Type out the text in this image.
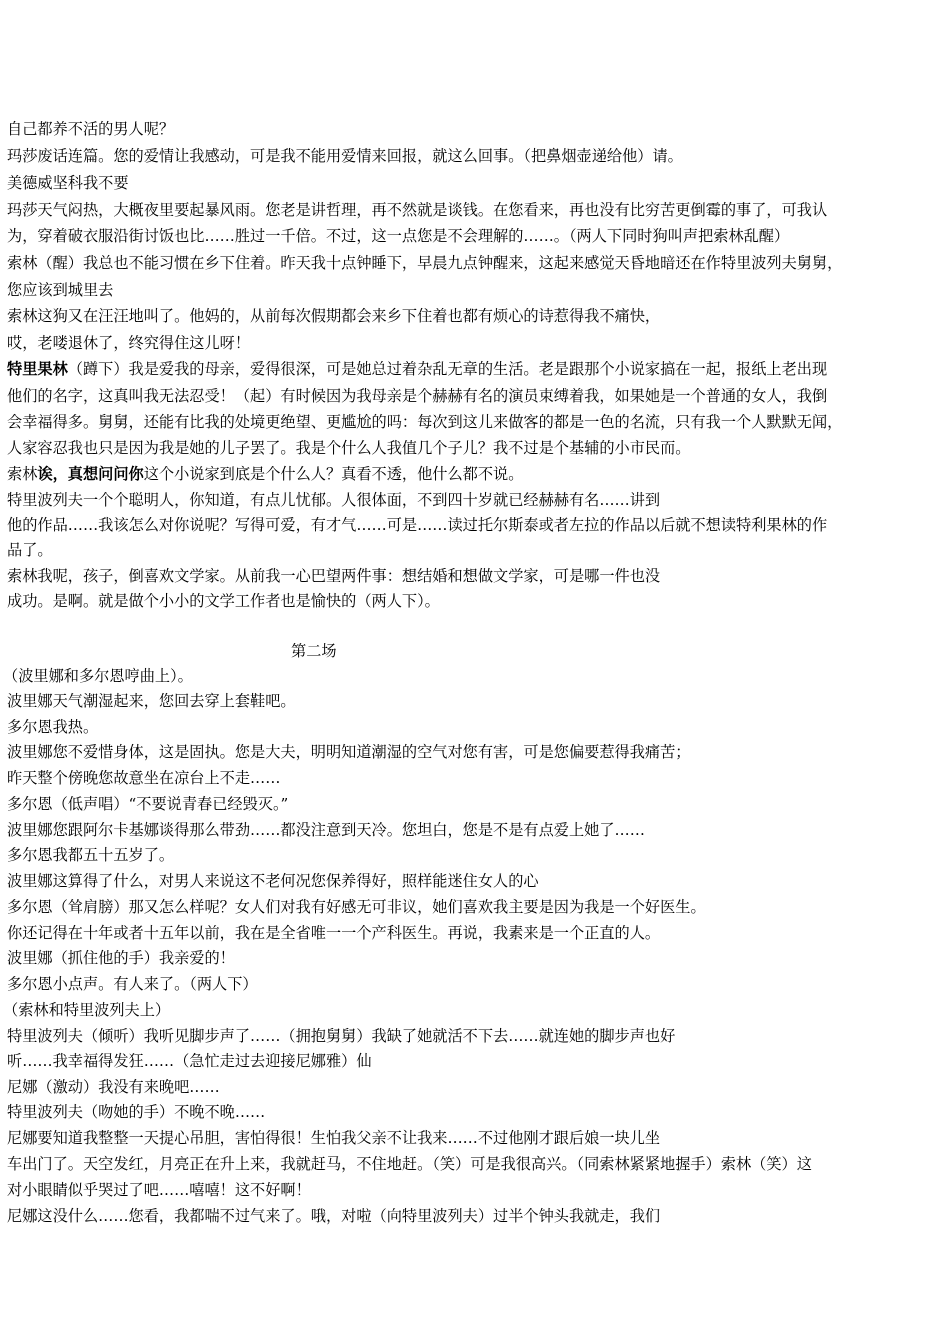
自己都养不活的男人呢？
玛莎废话连篇。您的爱情让我感动，可是我不能用爱情来回报，就这么回事。（把鼻烟壶递给他）请。
美德威坚科我不要
玛莎天气闷热，大概夜里要起暴风雨。您老是讲哲理，再不然就是谈钱。在您看来，再也没有比穷苦更倒霉的事了，可我认
为，穿着破衣服沿街讨饭也比……胜过一千倍。不过，这一点您是不会理解的……。（两人下同时狗叫声把索林乱醒）
索林（醒）我总也不能习惯在乡下住着。昨天我十点钟睡下，早晨九点钟醒来，这起来感觉天昏地暗还在作特里波列夫舅舅，
您应该到城里去
索林这狗又在汪汪地叫了。他妈的，从前每次假期都会来乡下住着也都有烦心的诗惹得我不痛快，
哎，老喽退休了，终究得住这儿呀！
特里果林（蹲下）我是爱我的母亲，爱得很深，可是她总过着杂乱无章的生活。老是跟那个小说家搞在一起，报纸上老出现
他们的名字，这真叫我无法忍受！（起）有时候因为我母亲是个赫赫有名的演员束缚着我，如果她是一个普通的女人，我倒
会幸福得多。舅舅，还能有比我的处境更绝望、更尴尬的吗：每次到这儿来做客的都是一色的名流，只有我一个人默默无闻，
人家容忍我也只是因为我是她的儿子罢了。我是个什么人我值几个子儿？我不过是个基辅的小市民而。
索林诶，真想问问你这个小说家到底是个什么人？真看不透，他什么都不说。
特里波列夫一个个聪明人，你知道，有点儿忧郁。人很体面，不到四十岁就已经赫赫有名……讲到
他的作品……我该怎么对你说呢？写得可爱，有才气……可是……读过托尔斯泰或者左拉的作品以后就不想读特利果林的作
品了。
索林我呢，孩子，倒喜欢文学家。从前我一心巴望两件事：想结婚和想做文学家，可是哪一件也没
成功。是啊。就是做个小小的文学工作者也是愉快的（两人下）。
第二场
（波里娜和多尔恩哼曲上）。
波里娜天气潮湿起来，您回去穿上套鞋吧。
多尔恩我热。
波里娜您不爱惜身体，这是固执。您是大夫，明明知道潮湿的空气对您有害，可是您偏要惹得我痛苦；
昨天整个傍晚您故意坐在凉台上不走……
多尔恩（低声唱）“不要说青春已经毁灭。”
波里娜您跟阿尔卡基娜谈得那么带劲……都没注意到天冷。您坦白，您是不是有点爱上她了……
多尔恩我都五十五岁了。
波里娜这算得了什么，对男人来说这不老何况您保养得好，照样能迷住女人的心
多尔恩（耸肩膀）那又怎么样呢？女人们对我有好感无可非议，她们喜欢我主要是因为我是一个好医生。
你还记得在十年或者十五年以前，我在是全省唯一一个产科医生。再说，我素来是一个正直的人。
波里娜（抓住他的手）我亲爱的！
多尔恩小点声。有人来了。（两人下）
（索林和特里波列夫上）
特里波列夫（倾听）我听见脚步声了……（拥抱舅舅）我缺了她就活不下去……就连她的脚步声也好
听……我幸福得发狂……（急忙走过去迎接尼娜雅）仙
尼娜（激动）我没有来晚吧……
特里波列夫（吻她的手）不晚不晚……
尼娜要知道我整整一天提心吊胆，害怕得很！生怕我父亲不让我来……不过他刚才跟后娘一块儿坐
车出门了。天空发红，月亮正在升上来，我就赶马，不住地赶。（笑）可是我很高兴。（同索林紧紧地握手）索林（笑）这
对小眼睛似乎哭过了吧……嘻嘻！这不好啊！
尼娜这没什么……您看，我都喘不过气来了。哦，对啦（向特里波列夫）过半个钟头我就走，我们
